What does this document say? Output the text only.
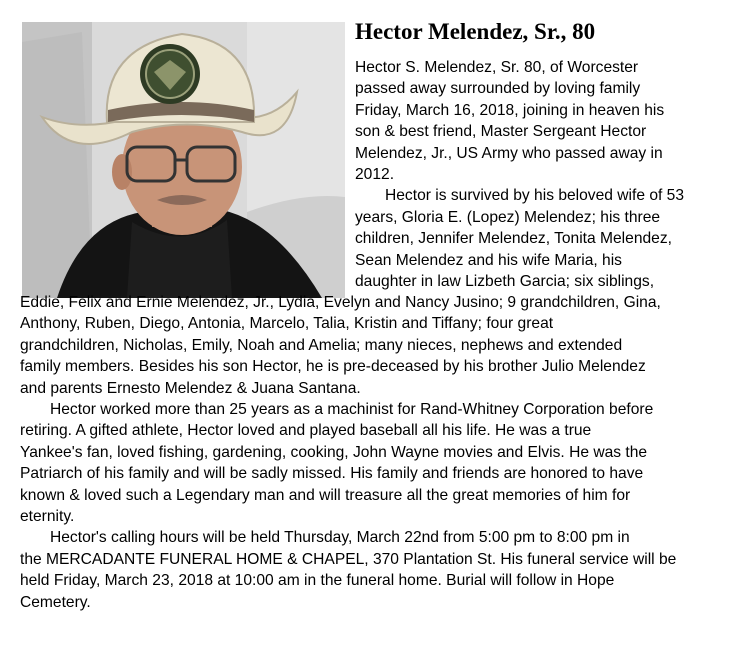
Hector Melendez, Sr., 80

Hector S. Melendez, Sr. 80, of Worcester
passed away surrounded by loving family
Friday, March 16, 2018, joining in heaven his
son & best friend, Master Sergeant Hector
Melendez, Jr., US Army who passed away in
2012.

Hector is survived by his beloved wife of 53
years, Gloria E. (Lopez) Melendez; his three
children, Jennifer Melendez, Tonita Melendez,
Sean Melendez and his wife Maria, his
daughter in law Lizbeth Garcia; six siblings,

Eddie, Felix and Ernie Melendez, Jr., Lydia, Evelyn and Nancy Jusino; 9 grandchildren, Gina,
Anthony, Ruben, Diego, Antonia, Marcelo, Talia, Kristin and Tiffany; four great
grandchildren, Nicholas, Emily, Noah and Amelia; many nieces, nephews and extended
family members. Besides his son Hector, he is pre-deceased by his brother Julio Melendez
and parents Ernesto Melendez & Juana Santana.

Hector worked more than 25 years as a machinist for Rand-Whitney Corporation before
retiring. A gifted athlete, Hector loved and played baseball all his life. He was a true
Yankee's fan, loved fishing, gardening, cooking, John Wayne movies and Elvis. He was the
Patriarch of his family and will be sadly missed. His family and friends are honored to have
known & loved such a Legendary man and will treasure all the great memories of him for
eternity.

Hector's calling hours will be held Thursday, March 22nd from 5:00 pm to 8:00 pm in
the MERCADANTE FUNERAL HOME & CHAPEL, 370 Plantation St. His funeral service will be
held Friday, March 23, 2018 at 10:00 am in the funeral home. Burial will follow in Hope
Cemetery.
